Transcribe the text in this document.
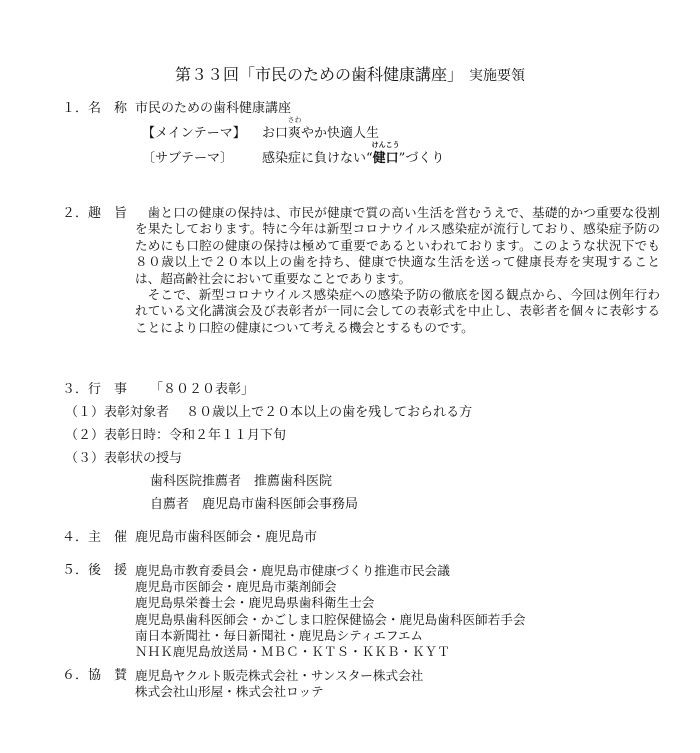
第３３回「市民のための歯科健康講座」 実施要領
１．名　称 市民のための歯科健康講座
【メインテーマ】 お口
さわ
爽やか快適人生
〔サブテーマ〕 感染症に負けない“
けんこう
健口”づくり
２．趣　旨	歯と口の健康の保持は、市民が健康で質の高い生活を営むうえで、基礎的かつ重要な役割を果たしております。特に今年は新型コロナウイルス感染症が流行しており、感染症予防のためにも口腔の健康の保持は極めて重要であるといわれております。このような状況下でも８０歳以上で２０本以上の歯を持ち、健康で快適な生活を送って健康長寿を実現することは、超高齢社会において重要なことであります。

そこで、新型コロナウイルス感染症への感染予防の徹底を図る観点から、今回は例年行われている文化講演会及び表彰者が一同に会しての表彰式を中止し、表彰者を個々に表彰することにより口腔の健康について考える機会とするものです。

３．行　事 「８０２０表彰」
（１）表彰対象者　 ８０歳以上で２０本以上の歯を残しておられる方
（２）表彰日時：令和２年１１月下旬
（３）表彰状の授与
歯科医院推薦者　推薦歯科医院
自薦者　鹿児島市歯科医師会事務局
４．主　催 鹿児島市歯科医師会・鹿児島市
５．後　援 鹿児島市教育委員会・鹿児島市健康づくり推進市民会議
鹿児島市医師会・鹿児島市薬剤師会
鹿児島県栄養士会・鹿児島県歯科衛生士会
鹿児島県歯科医師会・かごしま口腔保健協会・鹿児島歯科医師若手会
南日本新聞社・毎日新聞社・鹿児島シティエフエム
ＮＨＫ鹿児島放送局・ＭＢＣ・ＫＴＳ・ＫＫＢ・ＫＹＴ
６．協　賛 鹿児島ヤクルト販売株式会社・サンスター株式会社
株式会社山形屋・株式会社ロッテ
